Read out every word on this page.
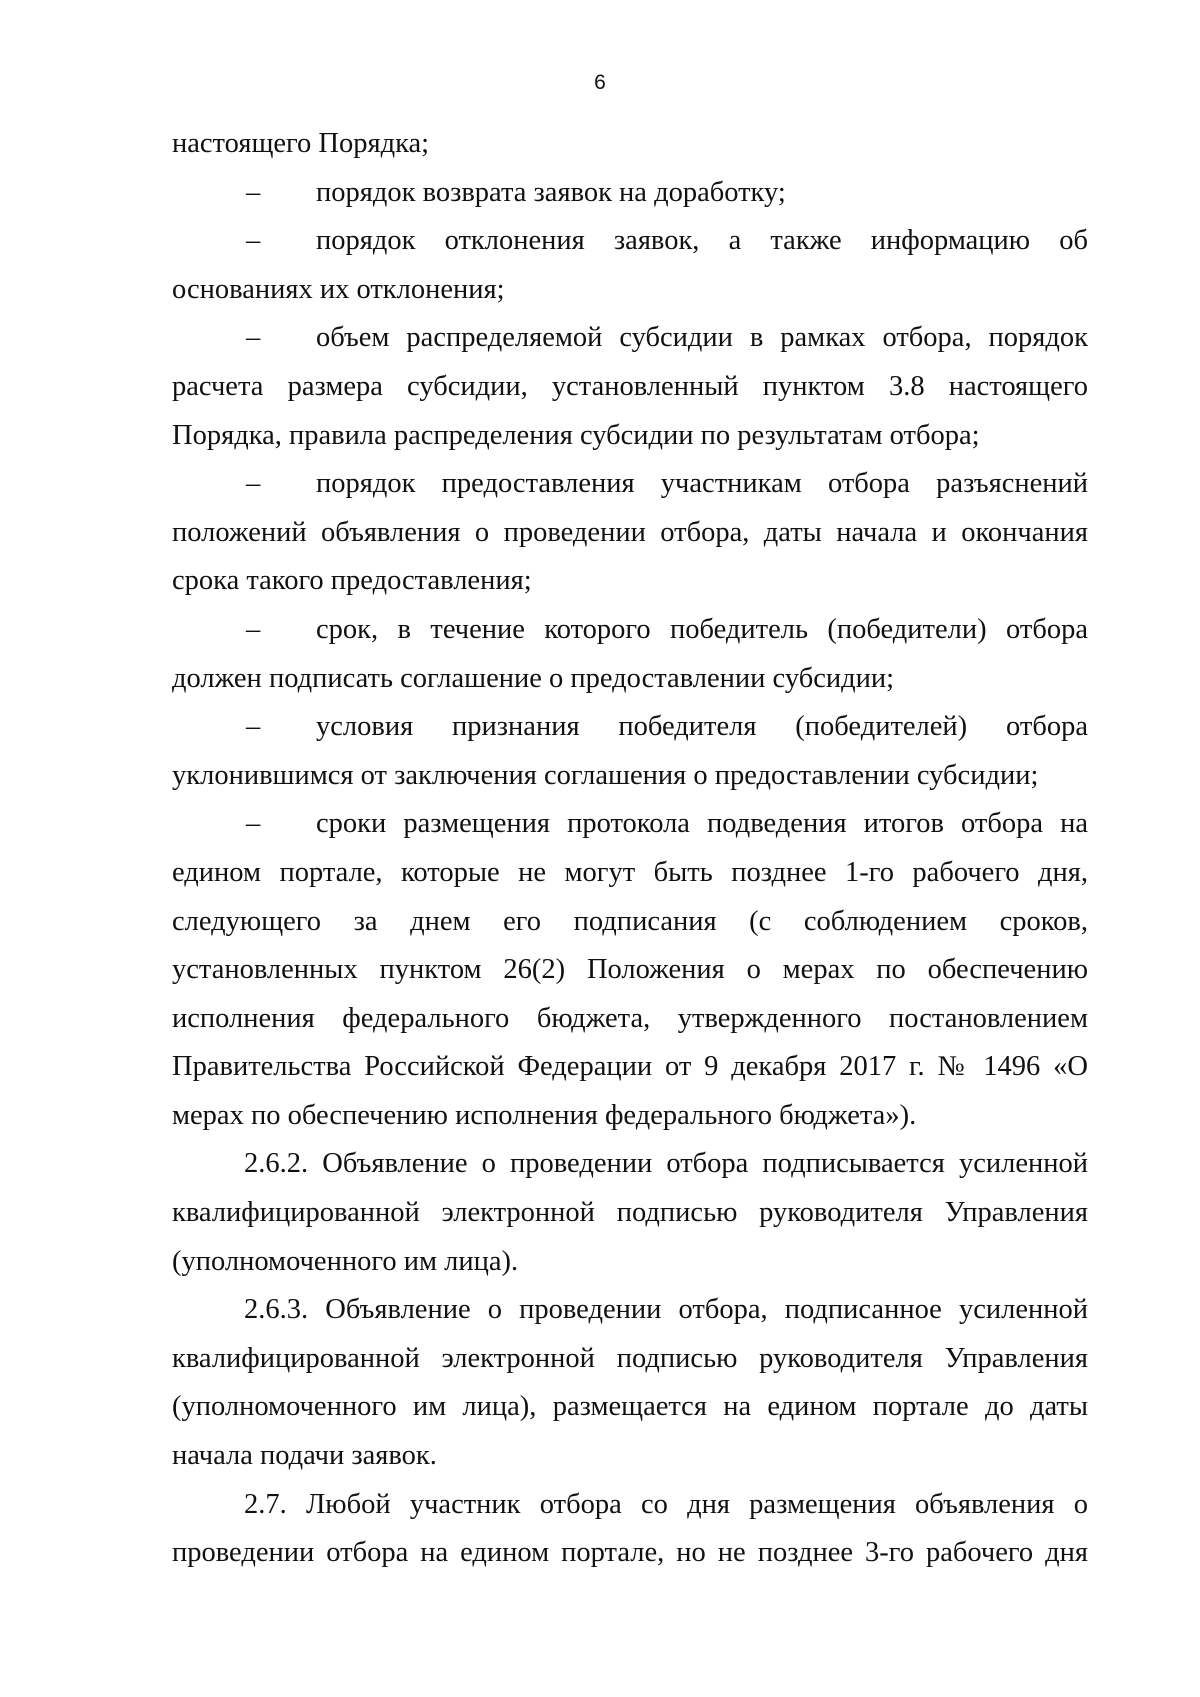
6

настоящего Порядка;

– порядок возврата заявок на доработку;

– порядок отклонения заявок, а также информацию об основаниях их отклонения;

– объем распределяемой субсидии в рамках отбора, порядок расчета размера субсидии, установленный пунктом 3.8 настоящего Порядка, правила распределения субсидии по результатам отбора;

– порядок предоставления участникам отбора разъяснений положений объявления о проведении отбора, даты начала и окончания срока такого предоставления;

– срок, в течение которого победитель (победители) отбора должен подписать соглашение о предоставлении субсидии;

– условия признания победителя (победителей) отбора уклонившимся от заключения соглашения о предоставлении субсидии;

– сроки размещения протокола подведения итогов отбора на едином портале, которые не могут быть позднее 1-го рабочего дня, следующего за днем его подписания (с соблюдением сроков, установленных пунктом 26(2) Положения о мерах по обеспечению исполнения федерального бюджета, утвержденного постановлением Правительства Российской Федерации от 9 декабря 2017 г. № 1496 «О мерах по обеспечению исполнения федерального бюджета»).

2.6.2. Объявление о проведении отбора подписывается усиленной квалифицированной электронной подписью руководителя Управления (уполномоченного им лица).

2.6.3. Объявление о проведении отбора, подписанное усиленной квалифицированной электронной подписью руководителя Управления (уполномоченного им лица), размещается на едином портале до даты начала подачи заявок.

2.7. Любой участник отбора со дня размещения объявления о проведении отбора на едином портале, но не позднее 3-го рабочего дня
